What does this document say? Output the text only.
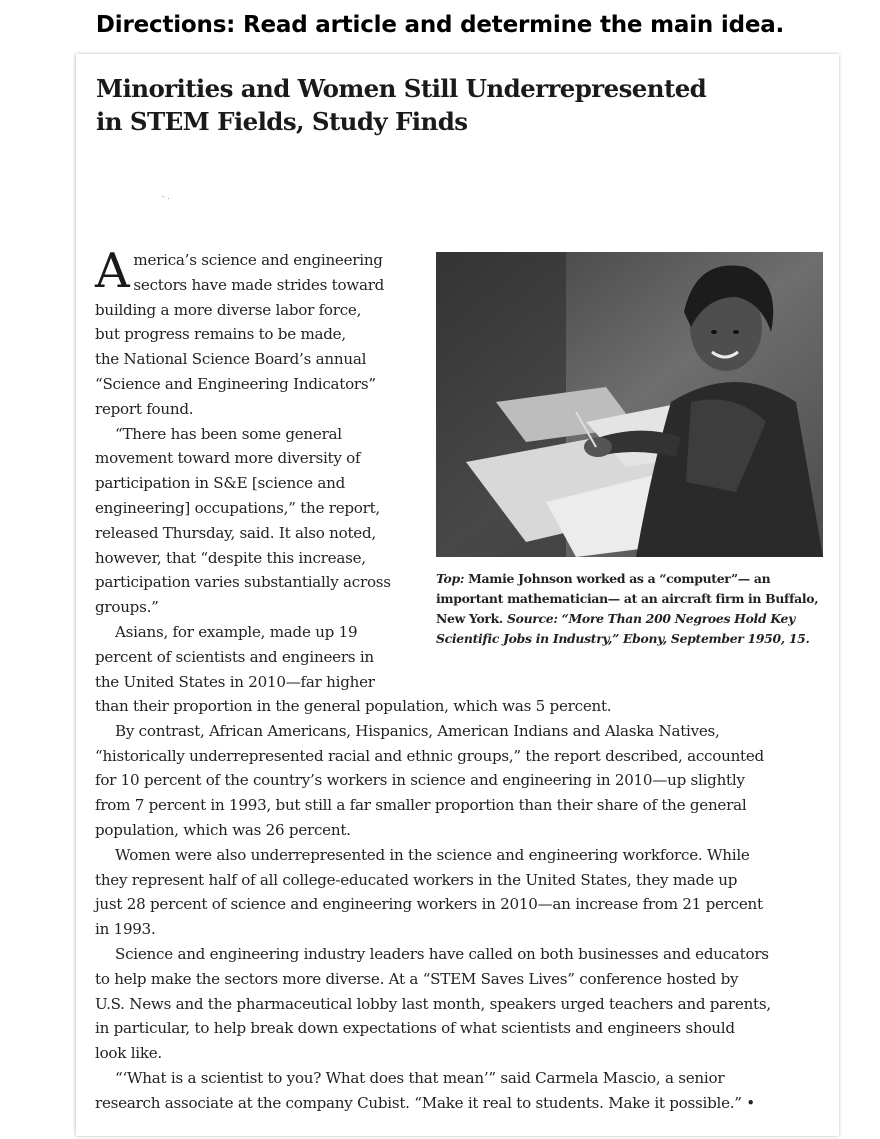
Directions: Read article and determine the main idea.
Minorities and Women Still Underrepresented
in STEM Fields, Study Finds
- .
Top: Mamie Johnson worked as a “computer”— an
important mathematician— at an aircraft firm in Buffalo,
New York. Source: “More Than 200 Negroes Hold Key
Scientific Jobs in Industry,” Ebony, September 1950, 15.

A merica’s science and engineering
sectors have made strides toward
building a more diverse labor force,
but progress remains to be made,
the National Science Board’s annual
“Science and Engineering Indicators”
report found.

“There has been some general
movement toward more diversity of
participation in S&E [science and
engineering] occupations,” the report,
released Thursday, said. It also noted,
however, that “despite this increase,
participation varies substantially across
groups.”

Asians, for example, made up 19
percent of scientists and engineers in
the United States in 2010—far higher

than their proportion in the general population, which was 5 percent.

By contrast, African Americans, Hispanics, American Indians and Alaska Natives,
“historically underrepresented racial and ethnic groups,” the report described, accounted
for 10 percent of the country’s workers in science and engineering in 2010—up slightly
from 7 percent in 1993, but still a far smaller proportion than their share of the general
population, which was 26 percent.

Women were also underrepresented in the science and engineering workforce. While
they represent half of all college-educated workers in the United States, they made up
just 28 percent of science and engineering workers in 2010—an increase from 21 percent
in 1993.

Science and engineering industry leaders have called on both businesses and educators
to help make the sectors more diverse. At a “STEM Saves Lives” conference hosted by
U.S. News and the pharmaceutical lobby last month, speakers urged teachers and parents,
in particular, to help break down expectations of what scientists and engineers should
look like.

“‘What is a scientist to you? What does that mean’” said Carmela Mascio, a senior
research associate at the company Cubist. “Make it real to students. Make it possible.” •
